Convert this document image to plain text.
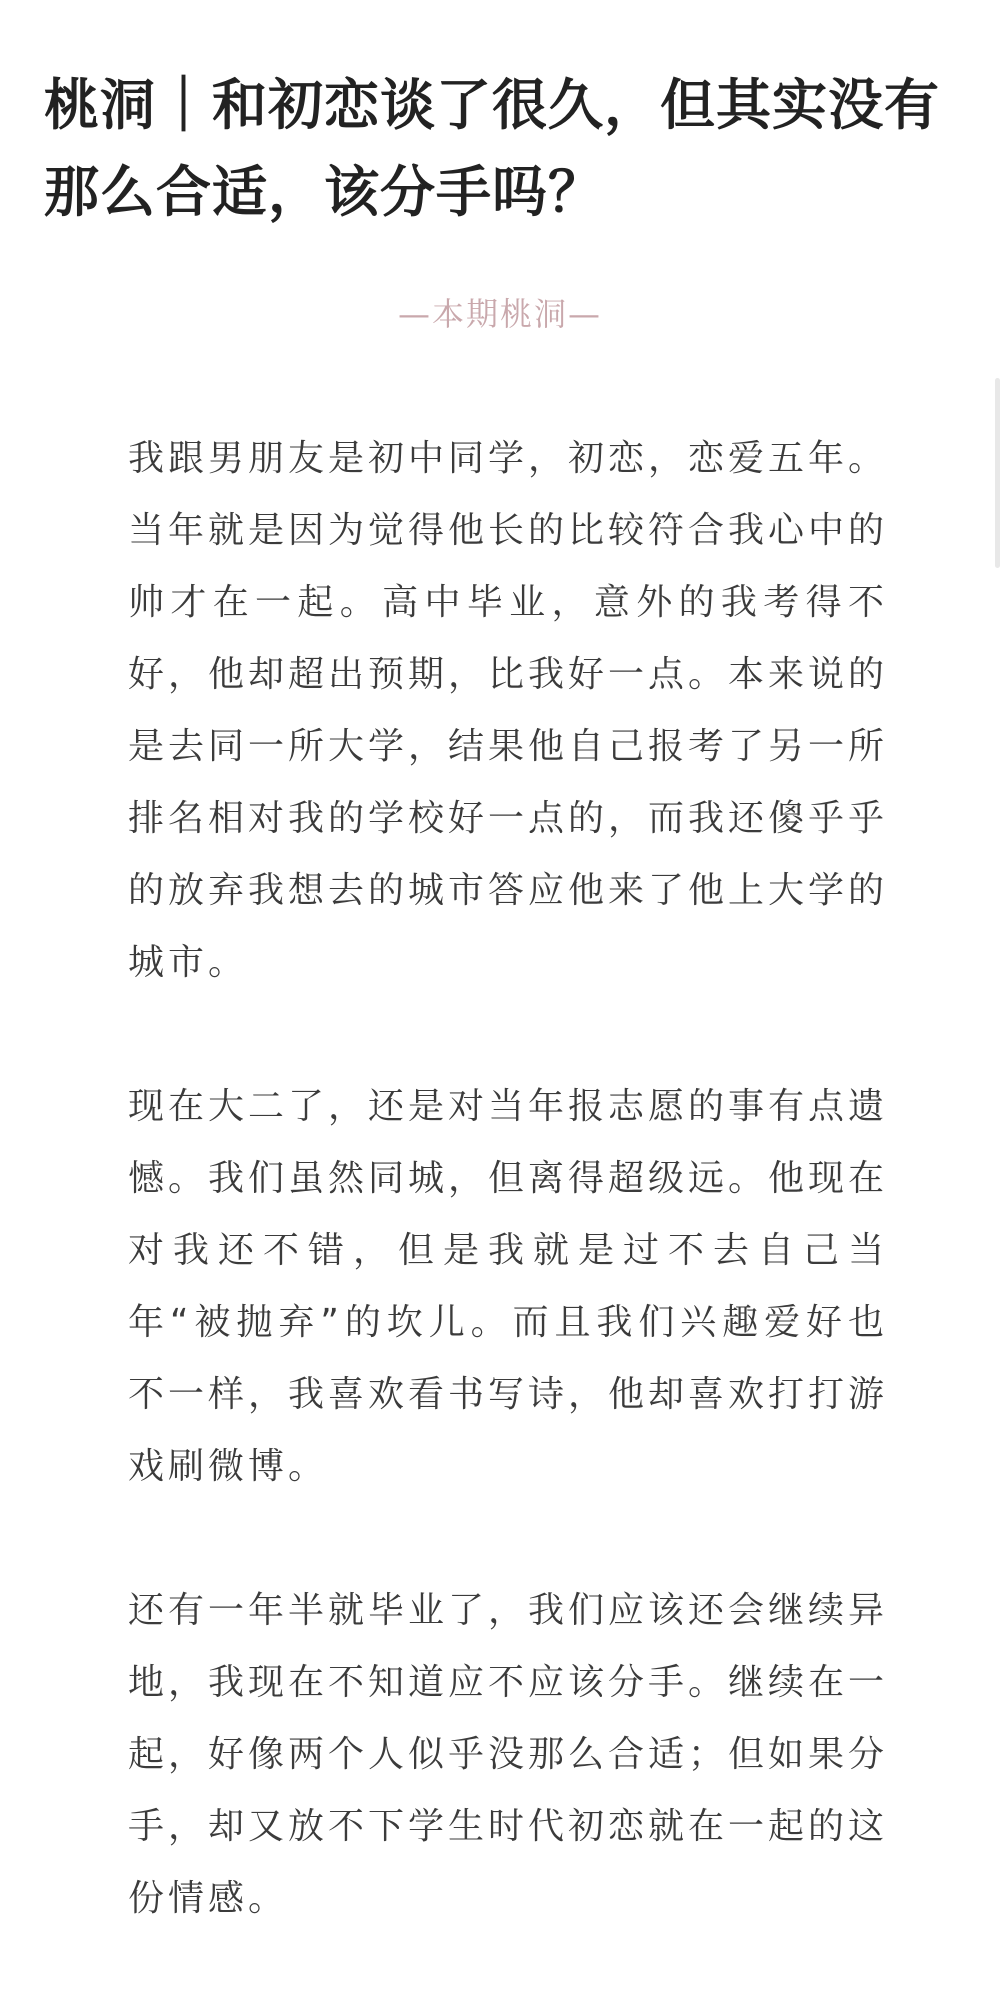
桃洞｜和初恋谈了很久，但其实没有那么合适，该分手吗？
—本期桃洞—

我跟男朋友是初中同学，初恋，恋爱五年。当年就是因为觉得他长的比较符合我心中的帅才在一起。高中毕业，意外的我考得不好，他却超出预期，比我好一点。本来说的是去同一所大学，结果他自己报考了另一所排名相对我的学校好一点的，而我还傻乎乎的放弃我想去的城市答应他来了他上大学的城市。

现在大二了，还是对当年报志愿的事有点遗憾。我们虽然同城，但离得超级远。他现在对我还不错，但是我就是过不去自己当年“被抛弃”的坎儿。而且我们兴趣爱好也不一样，我喜欢看书写诗，他却喜欢打打游戏刷微博。

还有一年半就毕业了，我们应该还会继续异地，我现在不知道应不应该分手。继续在一起，好像两个人似乎没那么合适；但如果分手，却又放不下学生时代初恋就在一起的这份情感。
